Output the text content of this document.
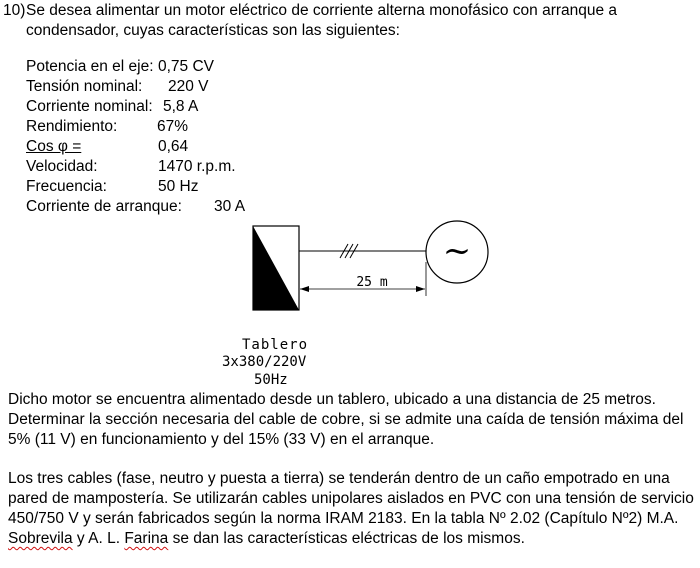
10) Se desea alimentar un motor eléctrico de corriente alterna monofásico con arranque a
condensador, cuyas características son las siguientes:
Potencia en el eje: 0,75 CV
Tensión nominal: 220 V
Corriente nominal: 5,8 A
Rendimiento:	67%
Cos φ =	0,64
Velocidad:	1470 r.p.m.
Frecuencia:	50 Hz
Corriente de arranque: 30 A
~
25 m
Tablero
3x380/220V
50Hz
Dicho motor se encuentra alimentado desde un tablero, ubicado a una distancia de 25 metros. Determinar la sección necesaria del cable de cobre, si se admite una caída de tensión máxima del 5% (11 V) en funcionamiento y del 15% (33 V) en el arranque.
Los tres cables (fase, neutro y puesta a tierra) se tenderán dentro de un caño empotrado en una pared de mampostería. Se utilizarán cables unipolares aislados en PVC con una tensión de servicio 450/750 V y serán fabricados según la norma IRAM 2183. En la tabla Nº 2.02 (Capítulo Nº2) M.A. Sobrevila y A. L. Farina se dan las características eléctricas de los mismos.
